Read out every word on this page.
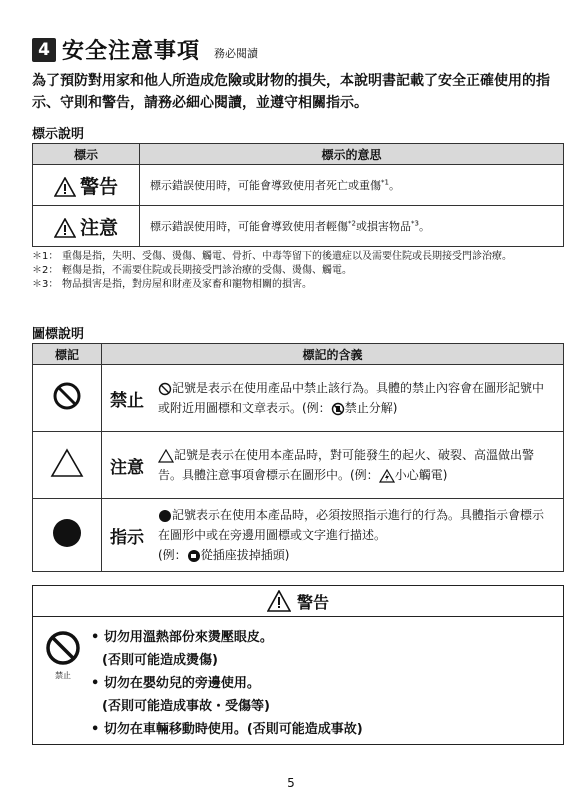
4 安全注意事項 務必閱讀
為了預防對用家和他人所造成危險或財物的損失，本說明書記載了安全正確使用的指示、守則和警告，請務必細心閱讀，並遵守相關指示。
標示說明
標示	標示的意思
警告	標示錯誤使用時，可能會導致使用者死亡或重傷$^{*1}$。
注意	標示錯誤使用時，可能會導致使用者輕傷$^{*2}$或損害物品$^{*3}$。
＊1： 重傷是指，失明、受傷、燙傷、觸電、骨折、中毒等留下的後遺症以及需要住院或長期接受門診治療。
＊2： 輕傷是指，不需要住院或長期接受門診治療的受傷、燙傷、觸電。
＊3： 物品損害是指，對房屋和財產及家畜和寵物相關的損害。
圖標說明
標記	標記的含義

禁止
記號是表示在使用產品中禁止該行為。具體的禁止內容會在圖形記號中或附近用圖標和文章表示。(例： 禁止分解)

注意
記號是表示在使用本產品時，對可能發生的起火、破裂、高溫做出警告。具體注意事項會標示在圖形中。(例： 小心觸電)

指示
記號表示在使用本產品時，必須按照指示進行的行為。具體指示會標示在圖形中或在旁邊用圖標或文字進行描述。
(例： 從插座拔掉插頭)
警告
禁止
• 切勿用溫熱部份來燙壓眼皮。
(否則可能造成燙傷)
• 切勿在嬰幼兒的旁邊使用。
(否則可能造成事故・受傷等)
• 切勿在車輛移動時使用。(否則可能造成事故)
5
